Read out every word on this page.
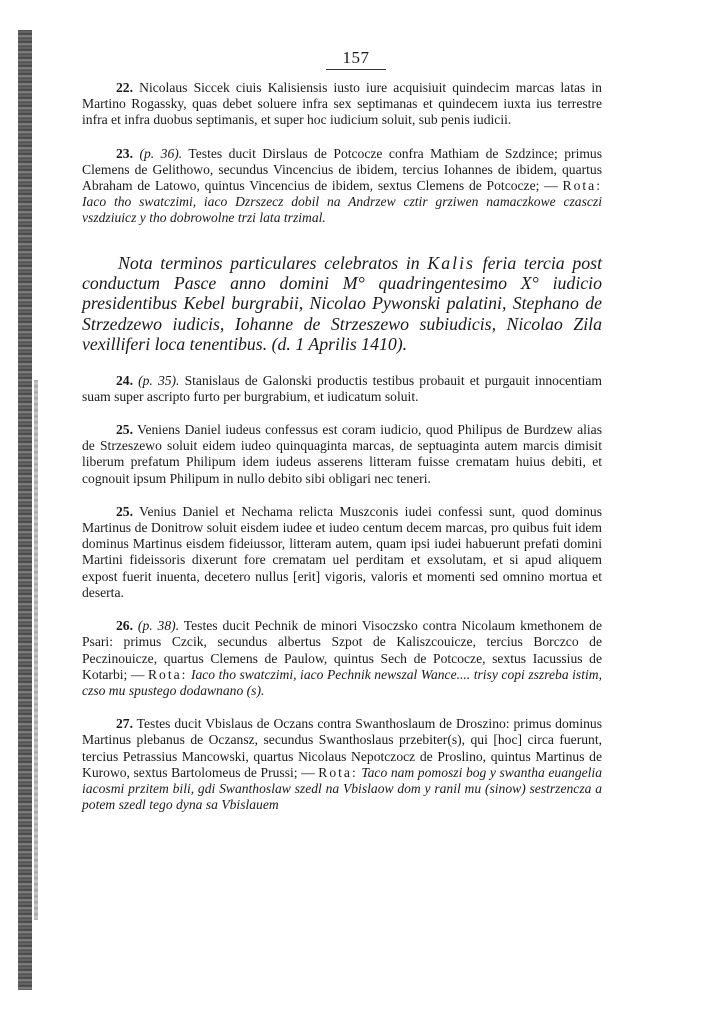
157

22. Nicolaus Siccek ciuis Kalisiensis iusto iure acquisiuit quindecim marcas latas in Martino Rogassky, quas debet soluere infra sex septimanas et quindecem iuxta ius terrestre infra et infra duobus septimanis, et super hoc iudicium soluit, sub penis iudicii.

23. (p. 36). Testes ducit Dirslaus de Potcocze confra Mathiam de Szdzince; primus Clemens de Gelithowo, secundus Vincencius de ibidem, tercius Iohannes de ibidem, quartus Abraham de Latowo, quintus Vincencius de ibidem, sextus Clemens de Potcocze; — Rota: Iaco tho swatczimi, iaco Dzrszecz dobil na Andrzew cztir grziwen namaczkowe czasczi vszdziuicz y tho dobrowolne trzi lata trzimal.

Nota terminos particulares celebratos in Kalis feria tercia post conductum Pasce anno domini M° quadringentesimo X° iudicio presidentibus Kebel burgrabii, Nicolao Pywonski palatini, Stephano de Strzedzewo iudicis, Iohanne de Strzeszewo subiudicis, Nicolao Zila vexilliferi loca tenentibus. (d. 1 Aprilis 1410).

24. (p. 35). Stanislaus de Galonski productis testibus probauit et purgauit innocentiam suam super ascripto furto per burgrabium, et iudicatum soluit.

25. Veniens Daniel iudeus confessus est coram iudicio, quod Philipus de Burdzew alias de Strzeszewo soluit eidem iudeo quinquaginta marcas, de septuaginta autem marcis dimisit liberum prefatum Philipum idem iudeus asserens litteram fuisse crematam huius debiti, et cognouit ipsum Philipum in nullo debito sibi obligari nec teneri.

25. Venius Daniel et Nechama relicta Muszconis iudei confessi sunt, quod dominus Martinus de Donitrow soluit eisdem iudee et iudeo centum decem marcas, pro quibus fuit idem dominus Martinus eisdem fideiussor, litteram autem, quam ipsi iudei habuerunt prefati domini Martini fideissoris dixerunt fore crematam uel perditam et exsolutam, et si apud aliquem expost fuerit inuenta, decetero nullus [erit] vigoris, valoris et momenti sed omnino mortua et deserta.

26. (p. 38). Testes ducit Pechnik de minori Visoczsko contra Nicolaum kmethonem de Psari: primus Czcik, secundus albertus Szpot de Kaliszcouicze, tercius Borczco de Peczinouicze, quartus Clemens de Paulow, quintus Sech de Potcocze, sextus Iacussius de Kotarbi; — Rota: Iaco tho swatczimi, iaco Pechnik newszal Wance.... trisy copi zszreba istim, czso mu spustego dodawnano (s).

27. Testes ducit Vbislaus de Oczans contra Swanthoslaum de Droszino: primus dominus Martinus plebanus de Oczansz, secundus Swanthoslaus przebiter(s), qui [hoc] circa fuerunt, tercius Petrassius Mancowski, quartus Nicolaus Nepotczocz de Proslino, quintus Martinus de Kurowo, sextus Bartolomeus de Prussi; — Rota: Taco nam pomoszi bog y swantha euangelia iacosmi przitem bili, gdi Swanthoslaw szedl na Vbislaow dom y ranil mu (sinow) sestrzencza a potem szedl tego dyna sa Vbislauem
